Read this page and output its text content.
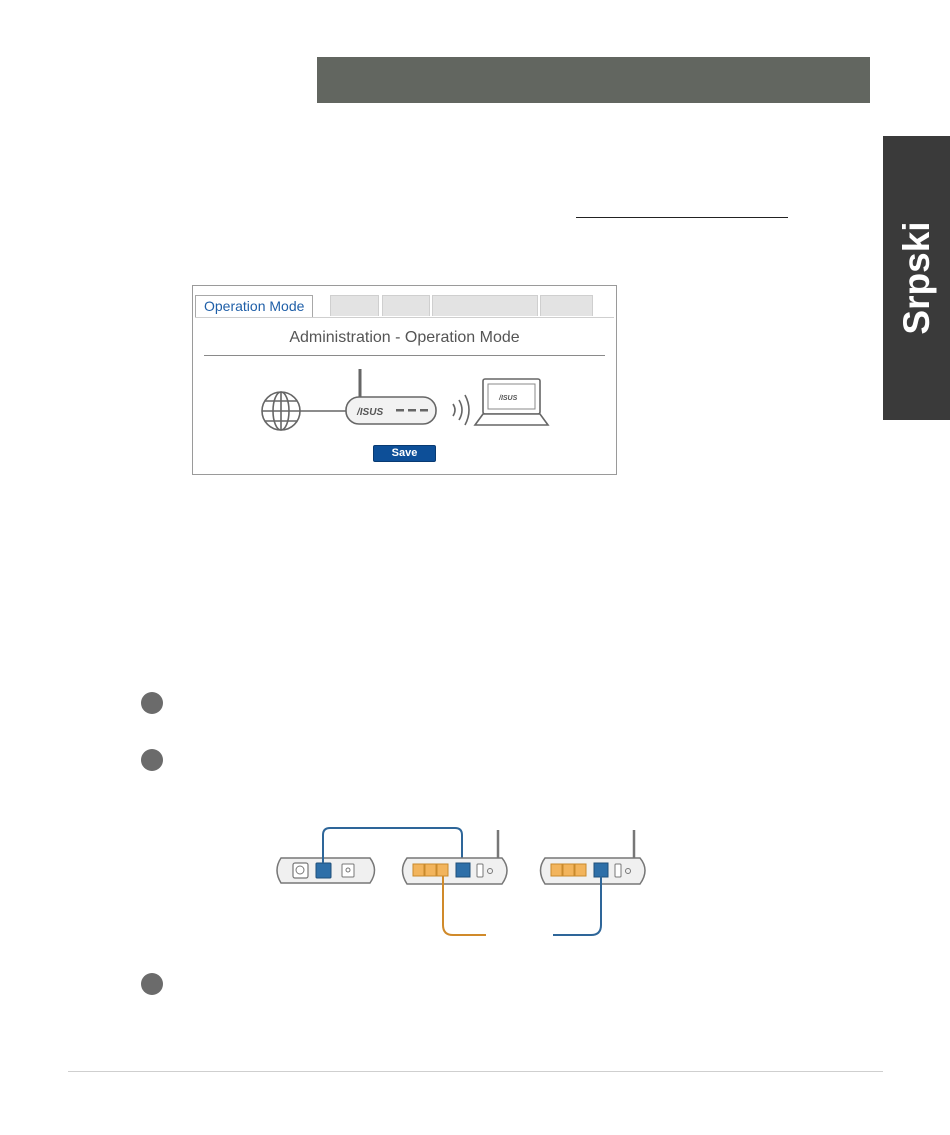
Srpski
Operation Mode
Administration - Operation Mode
/ISUS
/ISUS
Save
